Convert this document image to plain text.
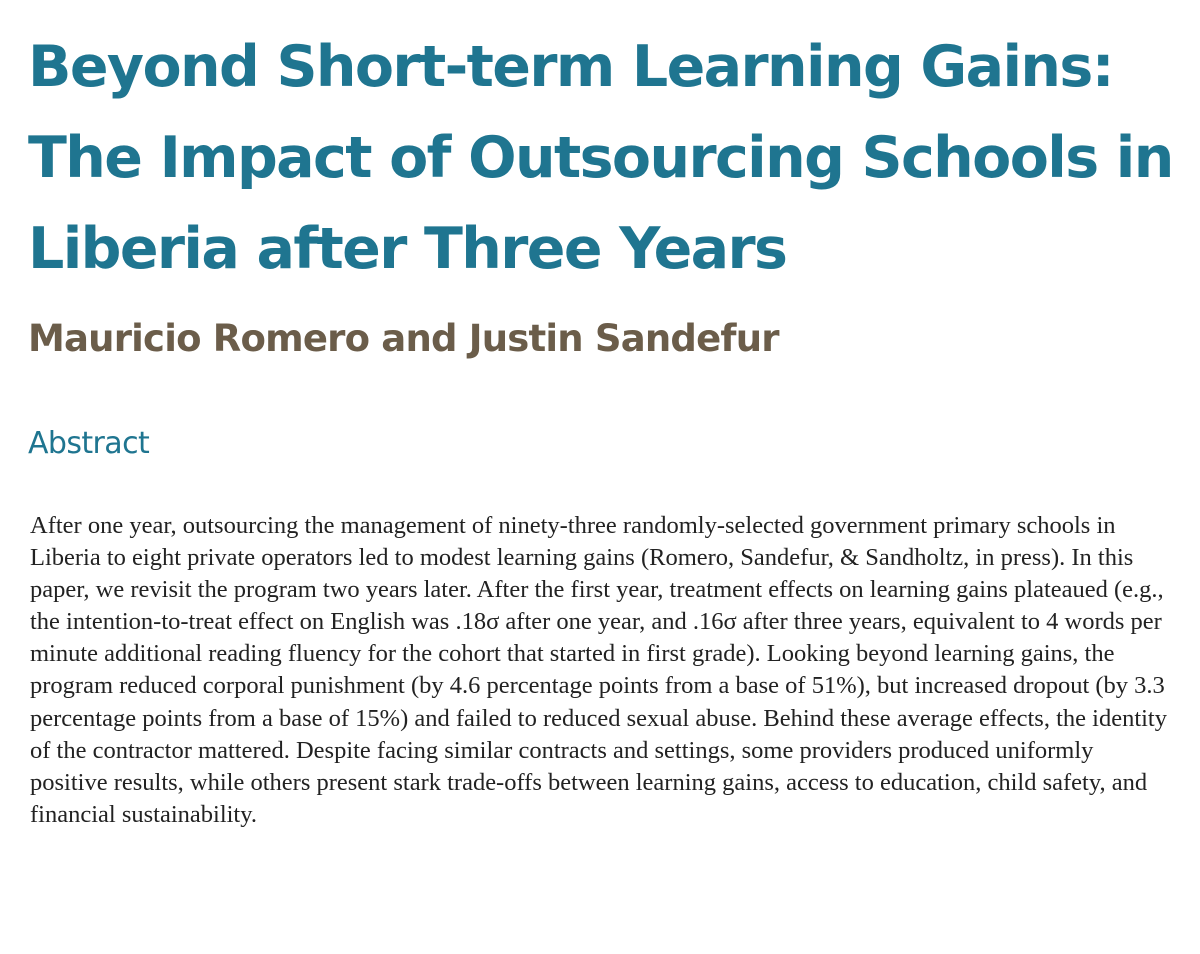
Beyond Short-term Learning Gains: The Impact of Outsourcing Schools in Liberia after Three Years
Mauricio Romero and Justin Sandefur
Abstract

After one year, outsourcing the management of ninety-three randomly-selected government primary schools in Liberia to eight private operators led to modest learning gains (Romero, Sandefur, & Sandholtz, in press). In this paper, we revisit the program two years later. After the first year, treatment effects on learning gains plateaued (e.g., the intention-to-treat effect on English was .18σ after one year, and .16σ after three years, equivalent to 4 words per minute additional reading fluency for the cohort that started in first grade). Looking beyond learning gains, the program reduced corporal punishment (by 4.6 percentage points from a base of 51%), but increased dropout (by 3.3 percentage points from a base of 15%) and failed to reduced sexual abuse. Behind these average effects, the identity of the contractor mattered. Despite facing similar contracts and settings, some providers produced uniformly positive results, while others present stark trade-offs between learning gains, access to education, child safety, and financial sustainability.
